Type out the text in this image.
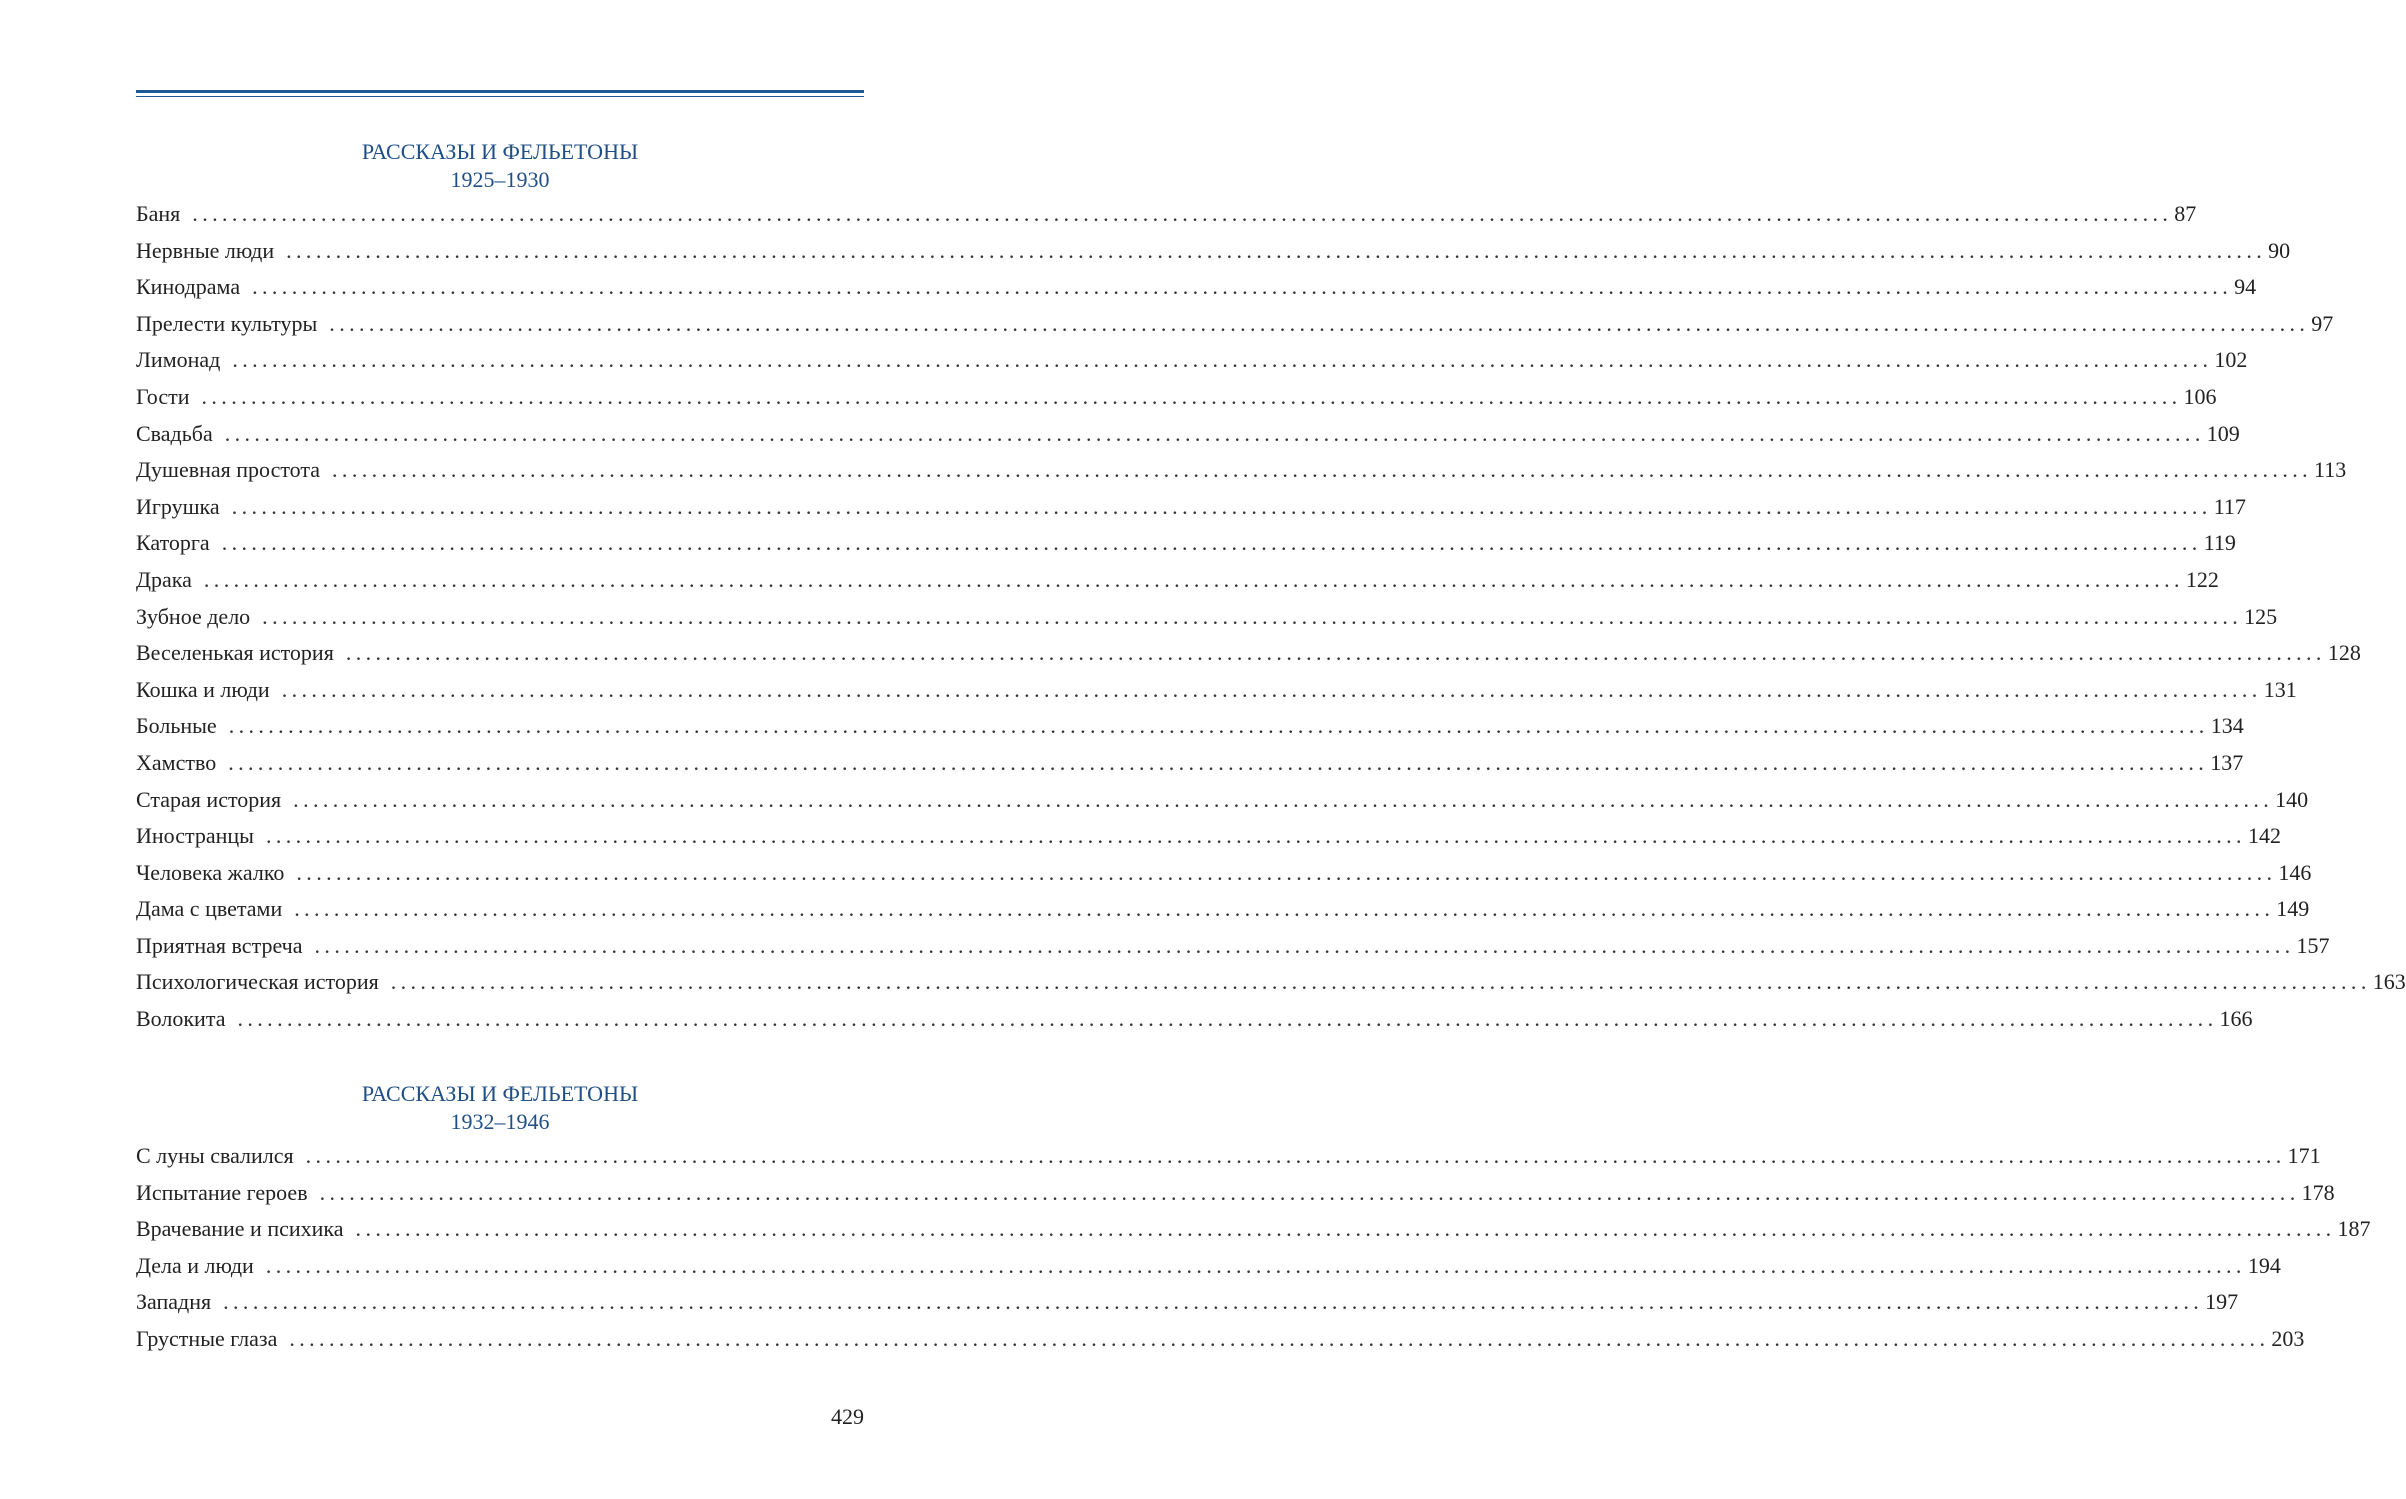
РАССКАЗЫ И ФЕЛЬЕТОНЫ
1925–1930
Баня ........................................................................................................................................................................................................ 87
Нервные люди ........................................................................................................................................................................................................ 90
Кинодрама ........................................................................................................................................................................................................ 94
Прелести культуры ........................................................................................................................................................................................................ 97
Лимонад ........................................................................................................................................................................................................ 102
Гости ........................................................................................................................................................................................................ 106
Свадьба ........................................................................................................................................................................................................ 109
Душевная простота ........................................................................................................................................................................................................ 113
Игрушка ........................................................................................................................................................................................................ 117
Каторга ........................................................................................................................................................................................................ 119
Драка ........................................................................................................................................................................................................ 122
Зубное дело ........................................................................................................................................................................................................ 125
Веселенькая история ........................................................................................................................................................................................................ 128
Кошка и люди ........................................................................................................................................................................................................ 131
Больные ........................................................................................................................................................................................................ 134
Хамство ........................................................................................................................................................................................................ 137
Старая история ........................................................................................................................................................................................................ 140
Иностранцы ........................................................................................................................................................................................................ 142
Человека жалко ........................................................................................................................................................................................................ 146
Дама с цветами ........................................................................................................................................................................................................ 149
Приятная встреча ........................................................................................................................................................................................................ 157
Психологическая история ........................................................................................................................................................................................................ 163
Волокита ........................................................................................................................................................................................................ 166
РАССКАЗЫ И ФЕЛЬЕТОНЫ
1932–1946
С луны свалился ........................................................................................................................................................................................................ 171
Испытание героев ........................................................................................................................................................................................................ 178
Врачевание и психика ........................................................................................................................................................................................................ 187
Дела и люди ........................................................................................................................................................................................................ 194
Западня ........................................................................................................................................................................................................ 197
Грустные глаза ........................................................................................................................................................................................................ 203
429
